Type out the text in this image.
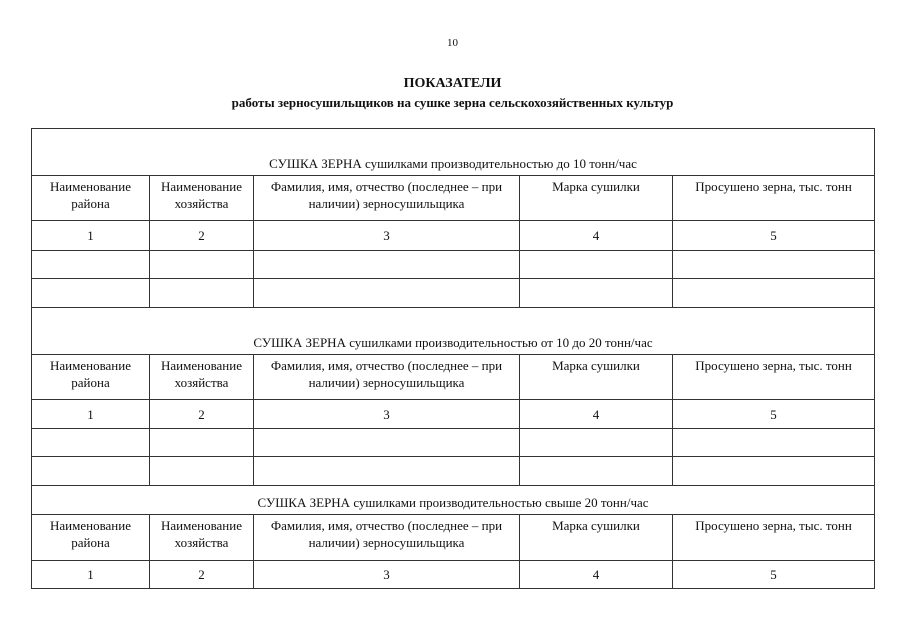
10
ПОКАЗАТЕЛИ
работы зерносушильщиков на сушке зерна сельскохозяйственных культур
СУШКА ЗЕРНА сушилками производительностью до 10 тонн/час				
Наименование района	Наименование хозяйства	Фамилия, имя, отчество (последнее – при наличии) зерносушильщика	Марка сушилки	Просушено зерна, тыс. тонн
1	2	3	4	5

СУШКА ЗЕРНА сушилками производительностью от 10 до 20 тонн/час				
Наименование района	Наименование хозяйства	Фамилия, имя, отчество (последнее – при наличии) зерносушильщика	Марка сушилки	Просушено зерна, тыс. тонн
1	2	3	4	5

СУШКА ЗЕРНА сушилками производительностью свыше 20 тонн/час				
Наименование района	Наименование хозяйства	Фамилия, имя, отчество (последнее – при наличии) зерносушильщика	Марка сушилки	Просушено зерна, тыс. тонн
1	2	3	4	5
